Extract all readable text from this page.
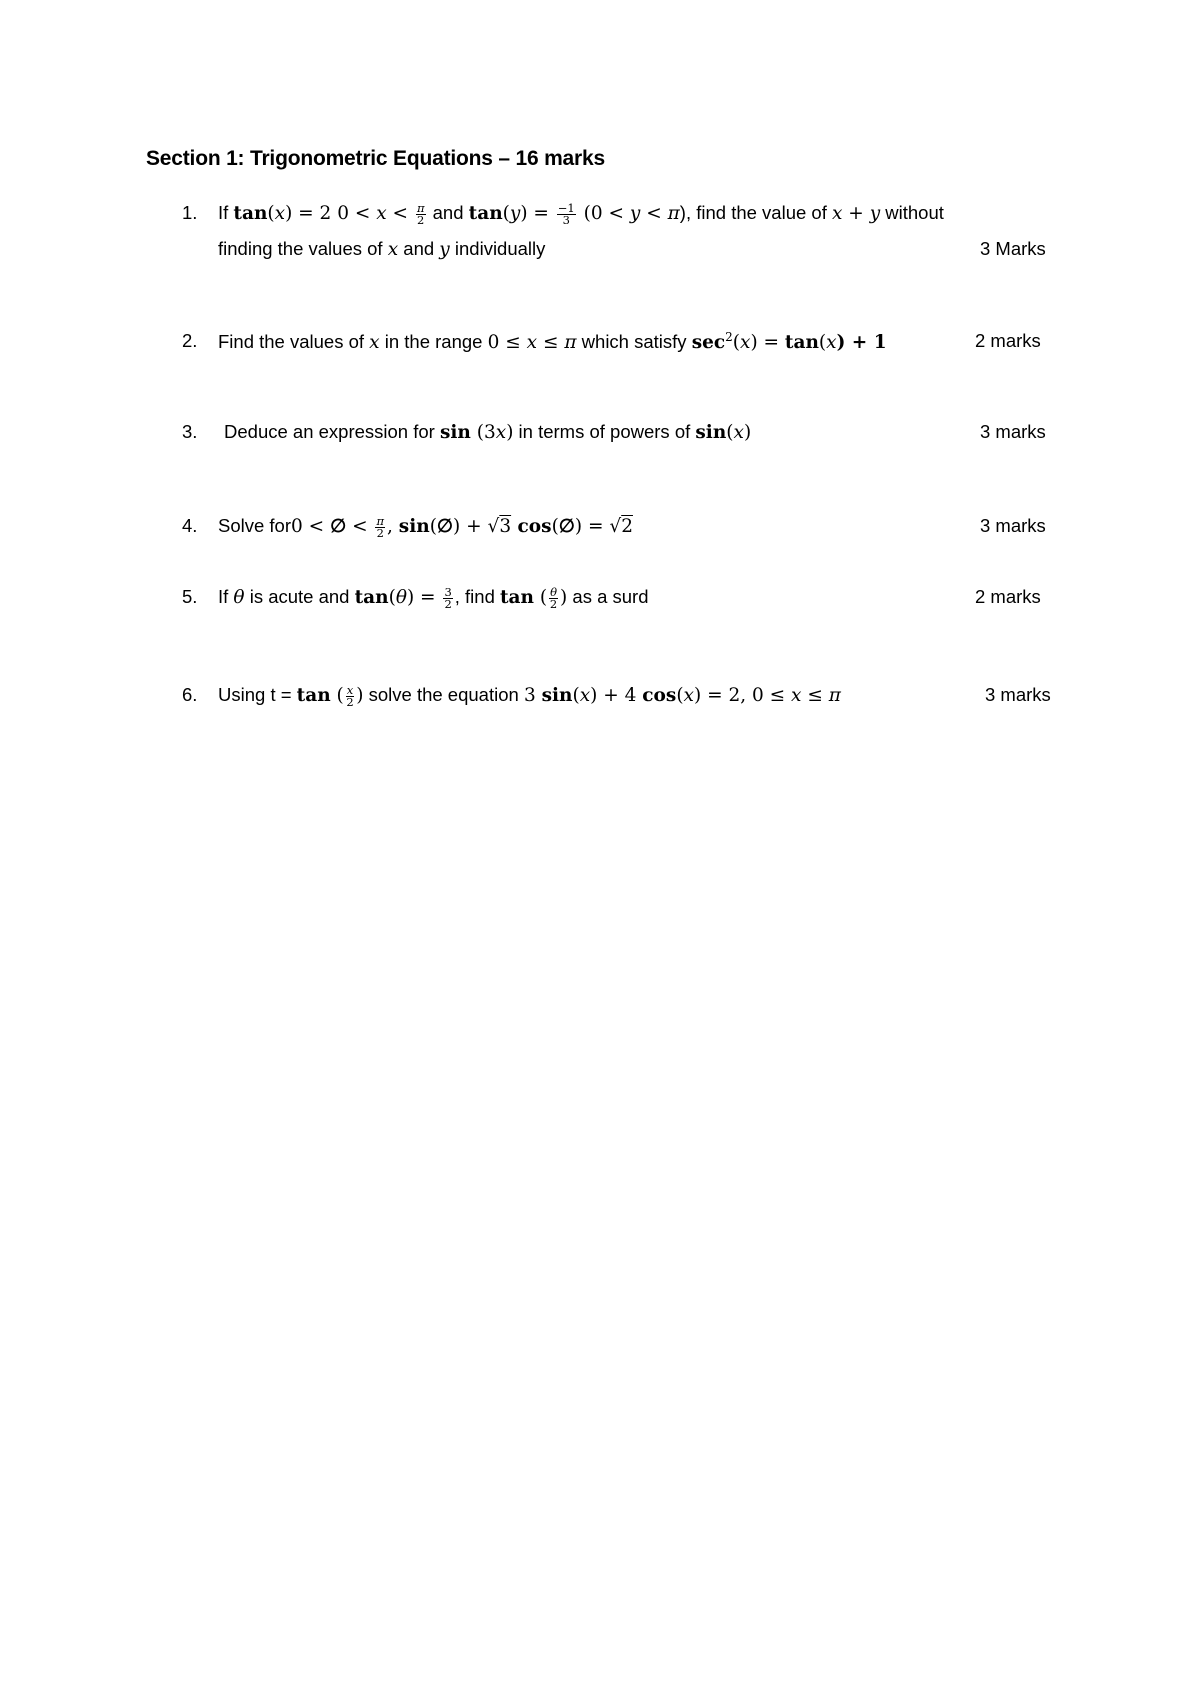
Section 1: Trigonometric Equations – 16 marks
1.	If tan(x) = 2 $0 < x < \frac{\pi}{2}$ and $\tan(y) = \frac{-1}{3} (0 < y < \pi)$, find the value of x + y without
finding the values of x and y individually	3 Marks
2.	Find the values of x in the range 0 ≤ x ≤ π which satisfy $\sec^2(x) = \tan(x) + 1$	2 marks
3.	Deduce an expression for sin (3x) in terms of powers of sin(x)	3 marks
4.	Solve for0 < ∅ < $\frac{\pi}{2}$ , sin(∅) + √3 cos(∅) = √2	3 marks
5.	If θ is acute and $\tan(\theta) = \frac{3}{2}$ , find tan ( $\frac{\theta}{2}$ ) as a surd	2 marks
6.	Using t = tan ( $\frac{x}{2}$ ) solve the equation 3 sin(x) + 4 cos(x) = 2, 0 ≤ x ≤ π	3 marks
